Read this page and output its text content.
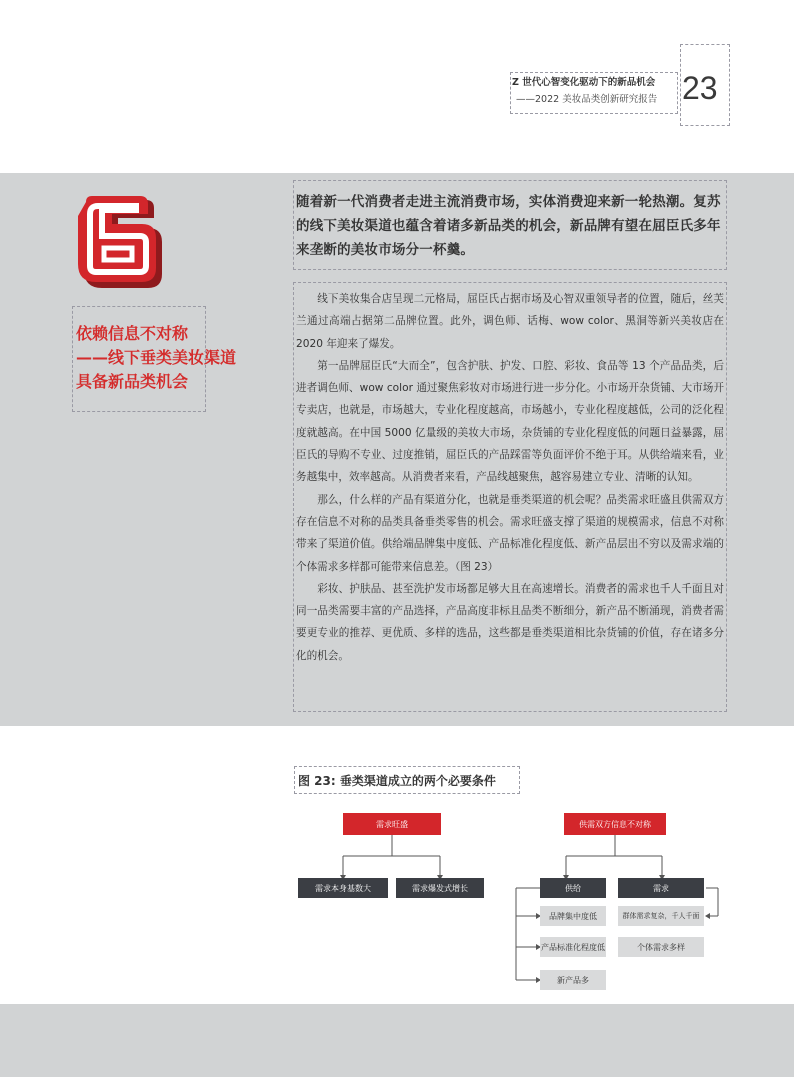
Z 世代心智变化驱动下的新品机会
——2022 美妆品类创新研究报告 23
依赖信息不对称
——线下垂类美妆渠道
具备新品类机会
随着新一代消费者走进主流消费市场，实体消费迎来新一轮热潮。复苏的线下美妆渠道也蕴含着诸多新品类的机会，新品牌有望在屈臣氏多年来垄断的美妆市场分一杯羹。

线下美妆集合店呈现二元格局，屈臣氏占据市场及心智双重领导者的位置，随后，丝芙兰通过高端占据第二品牌位置。此外，调色师、话梅、wow color、黑洞等新兴美妆店在 2020 年迎来了爆发。

第一品牌屈臣氏“大而全”，包含护肤、护发、口腔、彩妆、食品等 13 个产品品类，后进者调色师、wow color 通过聚焦彩妆对市场进行进一步分化。小市场开杂货铺、大市场开专卖店，也就是，市场越大，专业化程度越高，市场越小，专业化程度越低，公司的泛化程度就越高。在中国 5000 亿量级的美妆大市场，杂货铺的专业化程度低的问题日益暴露，屈臣氏的导购不专业、过度推销，屈臣氏的产品踩雷等负面评价不绝于耳。从供给端来看，业务越集中，效率越高。从消费者来看，产品线越聚焦，越容易建立专业、清晰的认知。

那么，什么样的产品有渠道分化，也就是垂类渠道的机会呢？品类需求旺盛且供需双方存在信息不对称的品类具备垂类零售的机会。需求旺盛支撑了渠道的规模需求，信息不对称带来了渠道价值。供给端品牌集中度低、产品标准化程度低、新产品层出不穷以及需求端的个体需求多样都可能带来信息差。（图 23）

彩妆、护肤品、甚至洗护发市场都足够大且在高速增长。消费者的需求也千人千面且对同一品类需要丰富的产品选择，产品高度非标且品类不断细分，新产品不断涌现，消费者需要更专业的推荐、更优质、多样的选品，这些都是垂类渠道相比杂货铺的价值，存在诸多分化的机会。

图 23: 垂类渠道成立的两个必要条件
需求旺盛
需求本身基数大	需求爆发式增长
供需双方信息不对称
供给	需求
品牌集中度低
产品标准化程度低
新产品多
群体需求复杂，千人千面
个体需求多样
